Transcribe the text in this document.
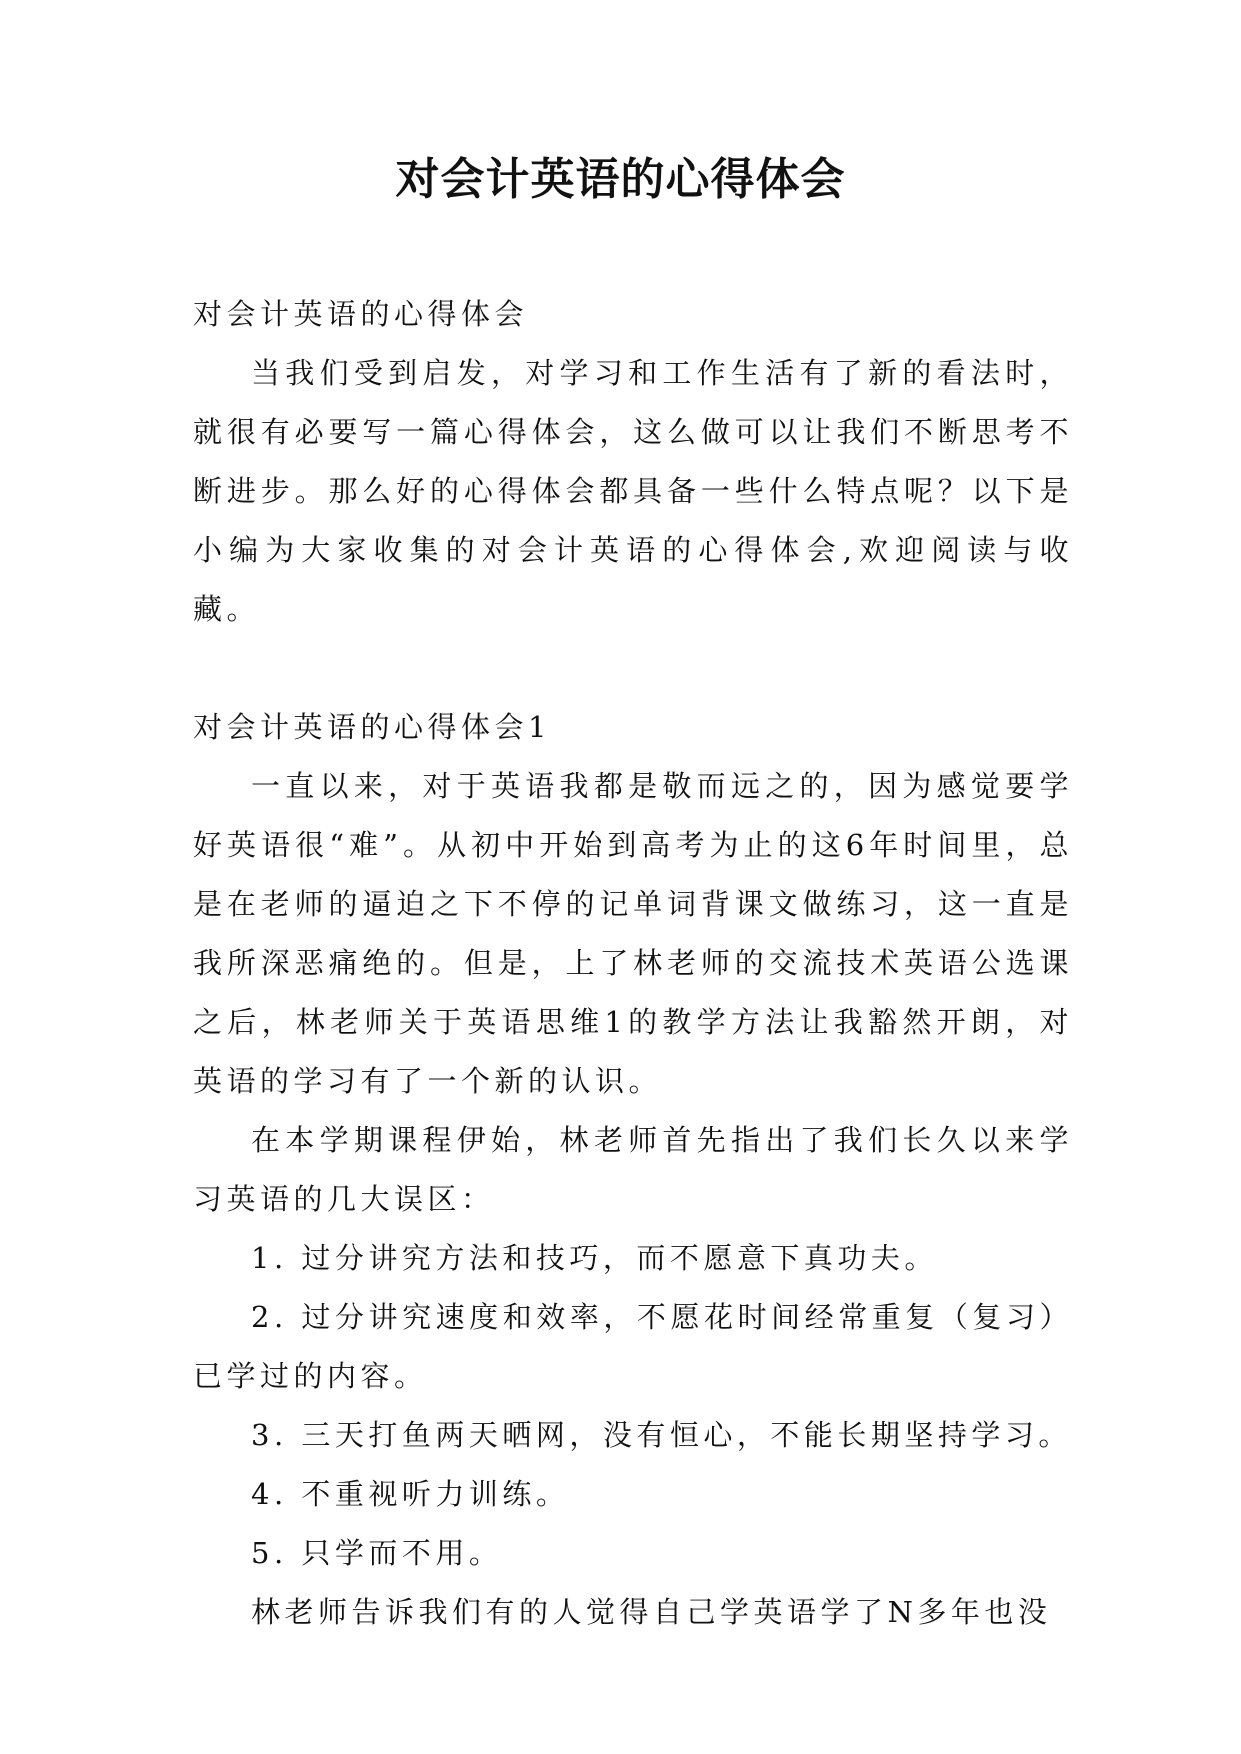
对会计英语的心得体会

对会计英语的心得体会

当我们受到启发，对学习和工作生活有了新的看法时，就很有必要写一篇心得体会，这么做可以让我们不断思考不断进步。那么好的心得体会都具备一些什么特点呢？以下是小编为大家收集的对会计英语的心得体会,欢迎阅读与收藏。

对会计英语的心得体会1

一直以来，对于英语我都是敬而远之的，因为感觉要学好英语很“难”。从初中开始到高考为止的这6年时间里，总是在老师的逼迫之下不停的记单词背课文做练习，这一直是我所深恶痛绝的。但是，上了林老师的交流技术英语公选课之后，林老师关于英语思维1的教学方法让我豁然开朗，对英语的学习有了一个新的认识。

在本学期课程伊始，林老师首先指出了我们长久以来学习英语的几大误区：

1. 过分讲究方法和技巧，而不愿意下真功夫。

2. 过分讲究速度和效率，不愿花时间经常重复（复习）已学过的内容。

3. 三天打鱼两天晒网，没有恒心，不能长期坚持学习。

4. 不重视听力训练。

5. 只学而不用。

林老师告诉我们有的人觉得自己学英语学了N多年也没
